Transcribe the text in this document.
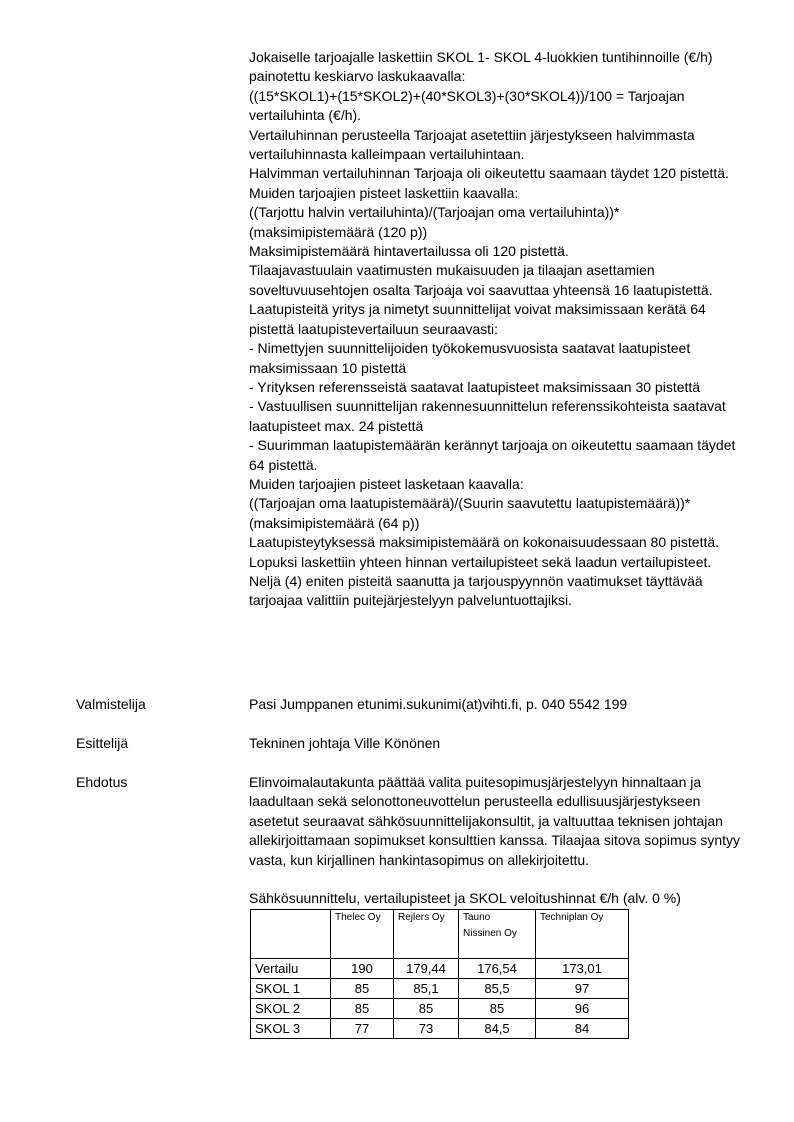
Jokaiselle tarjoajalle laskettiin SKOL 1- SKOL 4-luokkien tuntihinnoille (€/h) painotettu keskiarvo laskukaavalla:

((15*SKOL1)+(15*SKOL2)+(40*SKOL3)+(30*SKOL4))/100 = Tarjoajan vertailuhinta (€/h).

Vertailuhinnan perusteella Tarjoajat asetettiin järjestykseen halvimmasta vertailuhinnasta kalleimpaan vertailuhintaan.

Halvimman vertailuhinnan Tarjoaja oli oikeutettu saamaan täydet 120 pistettä. Muiden tarjoajien pisteet laskettiin kaavalla:

((Tarjottu halvin vertailuhinta)/(Tarjoajan oma vertailuhinta))*(maksimipistemäärä (120 p))

Maksimipistemäärä hintavertailussa oli 120 pistettä.

Tilaajavastuulain vaatimusten mukaisuuden ja tilaajan asettamien soveltuvuusehtojen osalta Tarjoaja voi saavuttaa yhteensä 16 laatupistettä.

Laatupisteitä yritys ja nimetyt suunnittelijat voivat maksimissaan kerätä 64 pistettä laatupistevertailuun seuraavasti:

- Nimettyjen suunnittelijoiden työkokemusvuosista saatavat laatupisteet maksimissaan 10 pistettä

- Yrityksen referensseistä saatavat laatupisteet maksimissaan 30 pistettä

- Vastuullisen suunnittelijan rakennesuunnittelun referenssikohteista saatavat laatupisteet max. 24 pistettä

- Suurimman laatupistemäärän kerännyt tarjoaja on oikeutettu saamaan täydet 64 pistettä.

Muiden tarjoajien pisteet lasketaan kaavalla:

((Tarjoajan oma laatupistemäärä)/(Suurin saavutettu laatupistemäärä))*(maksimipistemäärä (64 p))

Laatupisteytyksessä maksimipistemäärä on kokonaisuudessaan 80 pistettä.

Lopuksi laskettiin yhteen hinnan vertailupisteet sekä laadun vertailupisteet. Neljä (4) eniten pisteitä saanutta ja tarjouspyynnön vaatimukset täyttävää tarjoajaa valittiin puitejärjestelyyn palveluntuottajiksi.

Valmistelija	Pasi Jumppanen etunimi.sukunimi(at)vihti.fi, p. 040 5542 199
Esittelijä	Tekninen johtaja Ville Könönen
Ehdotus	Elinvoimalautakunta päättää valita puitesopimusjärjestelyyn hinnaltaan ja laadultaan sekä selonottoneuvottelun perusteella edullisuusjärjestykseen asetetut seuraavat sähkösuunnittelijakonsultit, ja valtuuttaa teknisen johtajan allekirjoittamaan sopimukset konsulttien kanssa. Tilaajaa sitova sopimus syntyy vasta, kun kirjallinen hankintasopimus on allekirjoitettu.
Sähkösuunnittelu, vertailupisteet ja SKOL veloitushinnat €/h (alv. 0 %)
	Thelec Oy	Rejlers Oy	Tauno Nissinen Oy	Techniplan Oy
Vertailu	190	179,44	176,54	173,01
SKOL 1	85	85,1	85,5	97
SKOL 2	85	85	85	96
SKOL 3	77	73	84,5	84
